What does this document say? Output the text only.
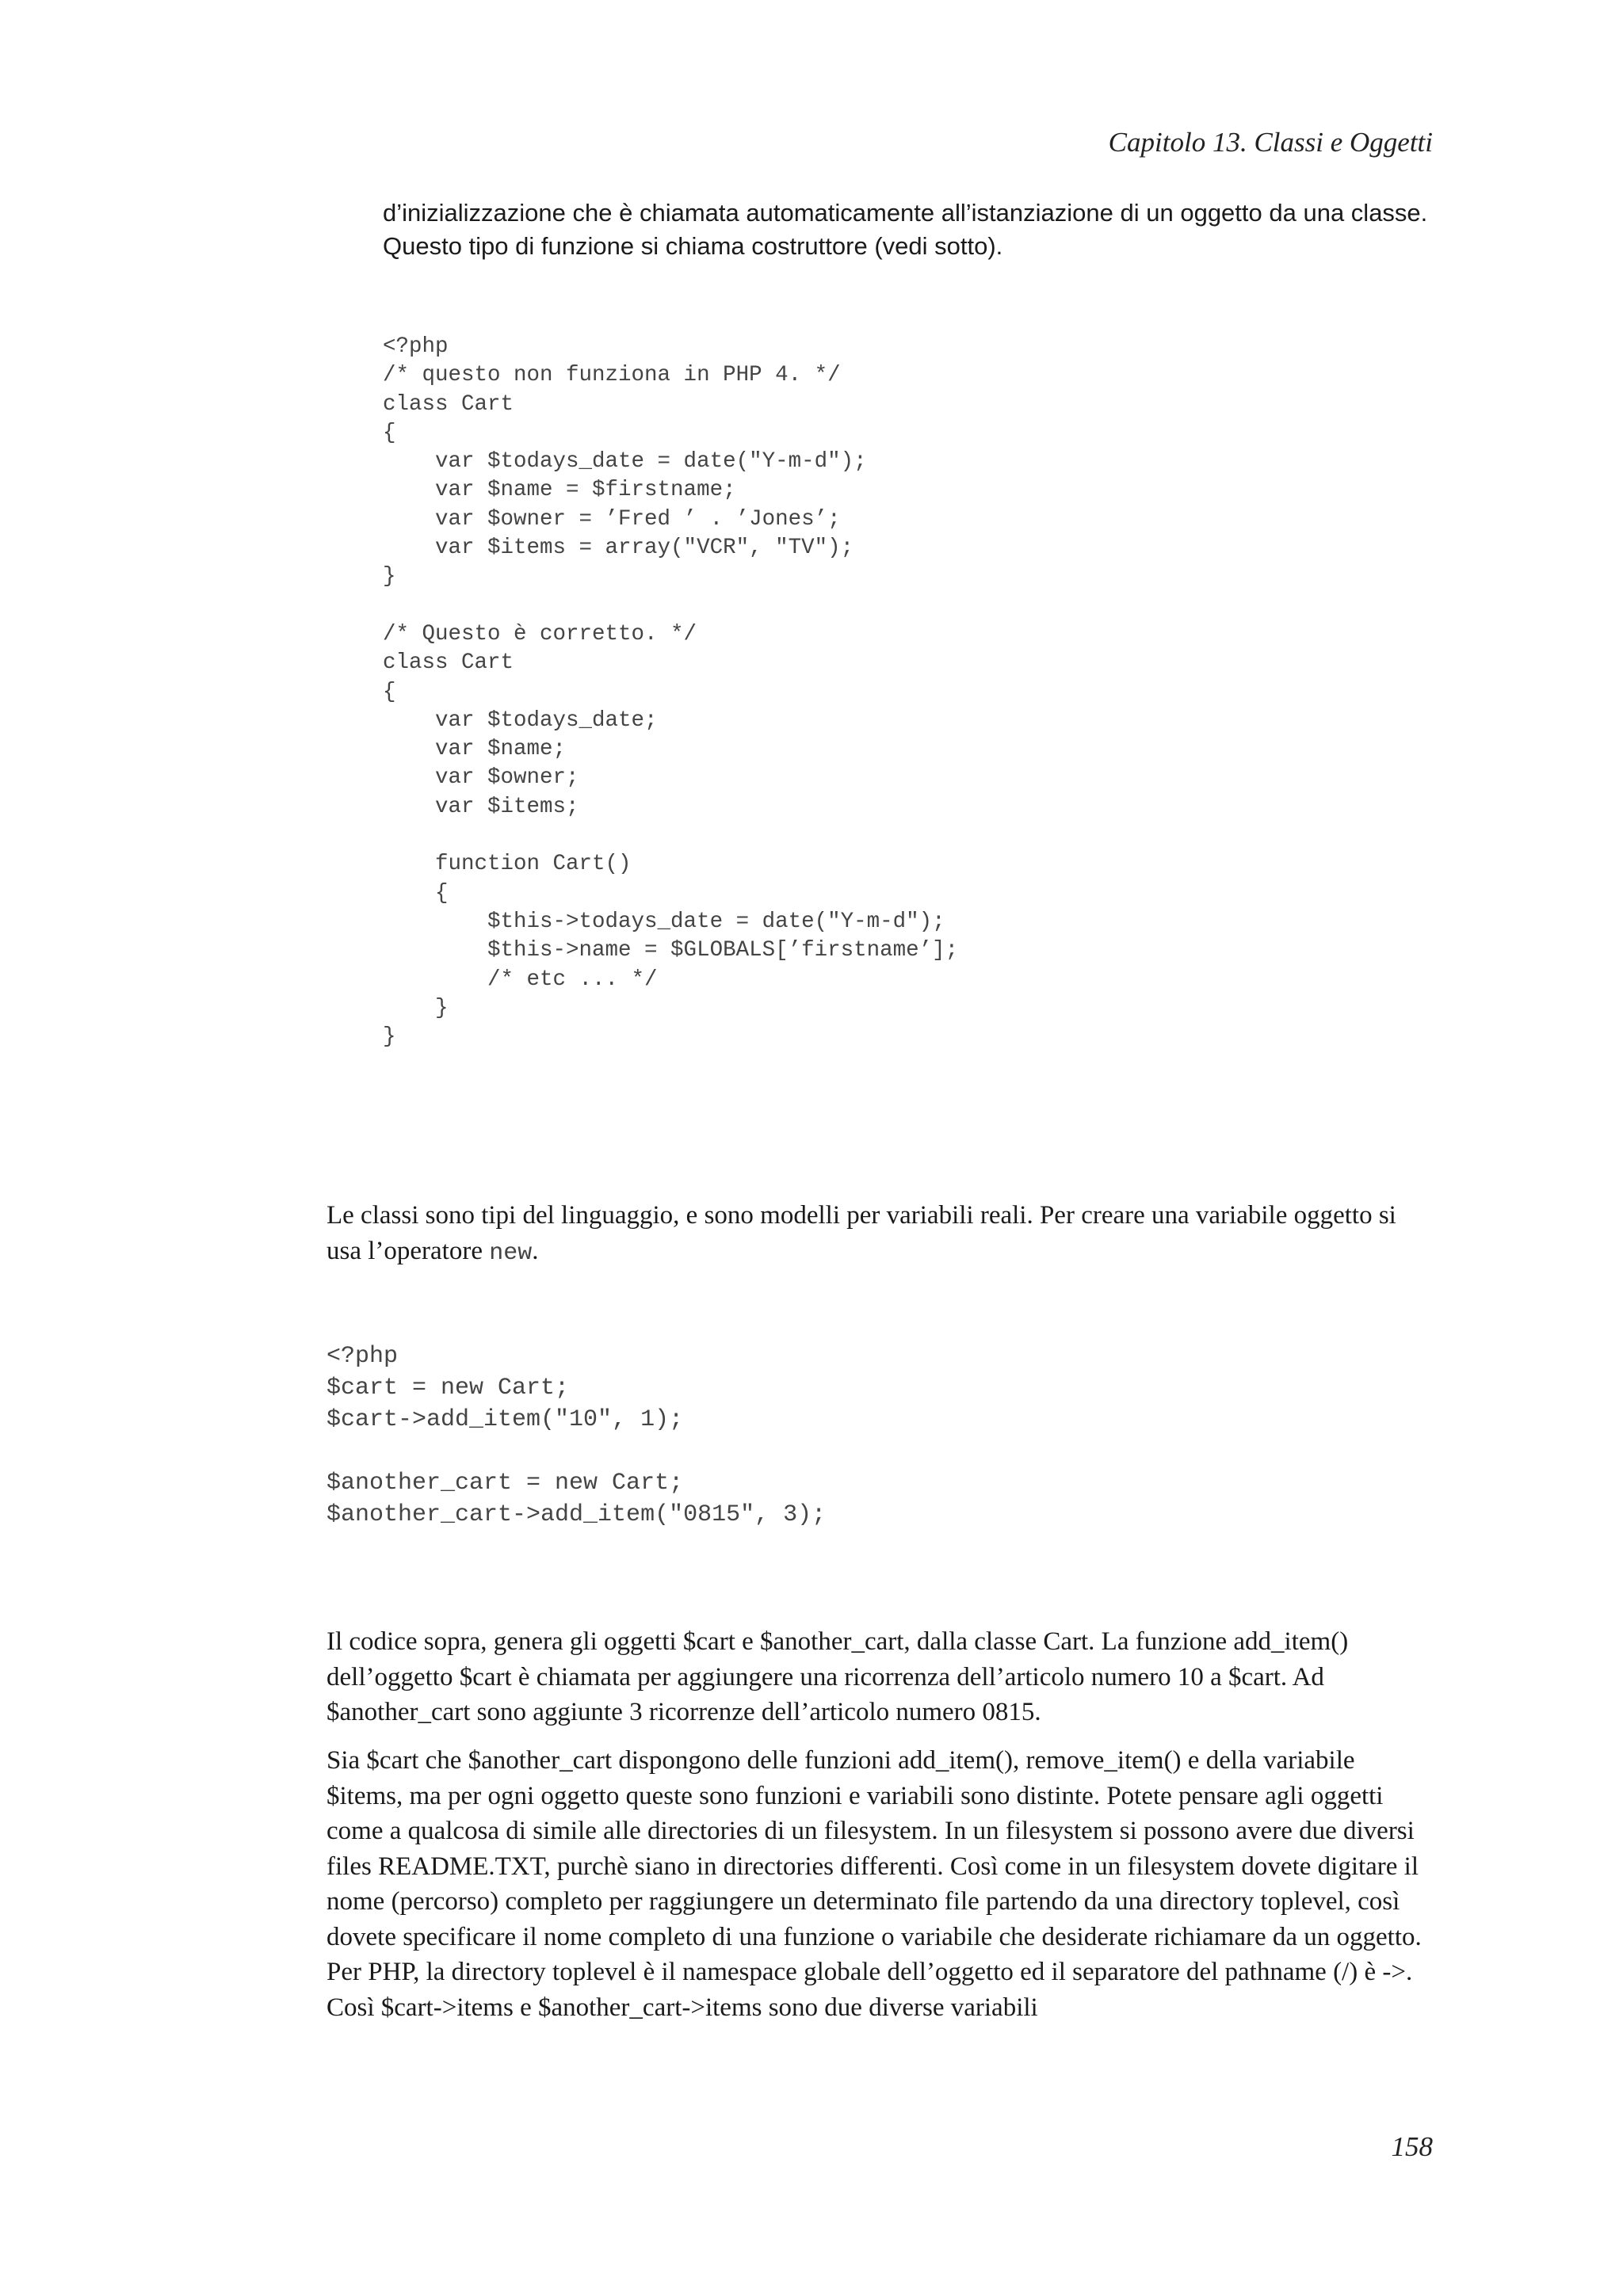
Capitolo 13. Classi e Oggetti

d’inizializzazione che è chiamata automaticamente all’istanziazione di un oggetto da una classe. Questo tipo di funzione si chiama costruttore (vedi sotto).

<?php
/* questo non funziona in PHP 4. */
class Cart
{
var $todays_date = date("Y-m-d");
var $name = $firstname;
var $owner = ’Fred ’ . ’Jones’;
var $items = array("VCR", "TV");
}

/* Questo è corretto. */
class Cart
{
var $todays_date;
var $name;
var $owner;
var $items;

function Cart()
{
$this->todays_date = date("Y-m-d");
$this->name = $GLOBALS[’firstname’];
/* etc ... */
}
}

Le classi sono tipi del linguaggio, e sono modelli per variabili reali. Per creare una variabile oggetto si usa l’operatore new.

<?php
$cart = new Cart;
$cart->add_item("10", 1);

$another_cart = new Cart;
$another_cart->add_item("0815", 3);

Il codice sopra, genera gli oggetti $cart e $another_cart, dalla classe Cart. La funzione add_item() dell’oggetto $cart è chiamata per aggiungere una ricorrenza dell’articolo numero 10 a $cart. Ad $another_cart sono aggiunte 3 ricorrenze dell’articolo numero 0815.

Sia $cart che $another_cart dispongono delle funzioni add_item(), remove_item() e della variabile $items, ma per ogni oggetto queste sono funzioni e variabili sono distinte. Potete pensare agli oggetti come a qualcosa di simile alle directories di un filesystem. In un filesystem si possono avere due diversi files README.TXT, purchè siano in directories differenti. Così come in un filesystem dovete digitare il nome (percorso) completo per raggiungere un determinato file partendo da una directory toplevel, così dovete specificare il nome completo di una funzione o variabile che desiderate richiamare da un oggetto. Per PHP, la directory toplevel è il namespace globale dell’oggetto ed il separatore del pathname (/) è ->. Così $cart->items e $another_cart->items sono due diverse variabili

158
